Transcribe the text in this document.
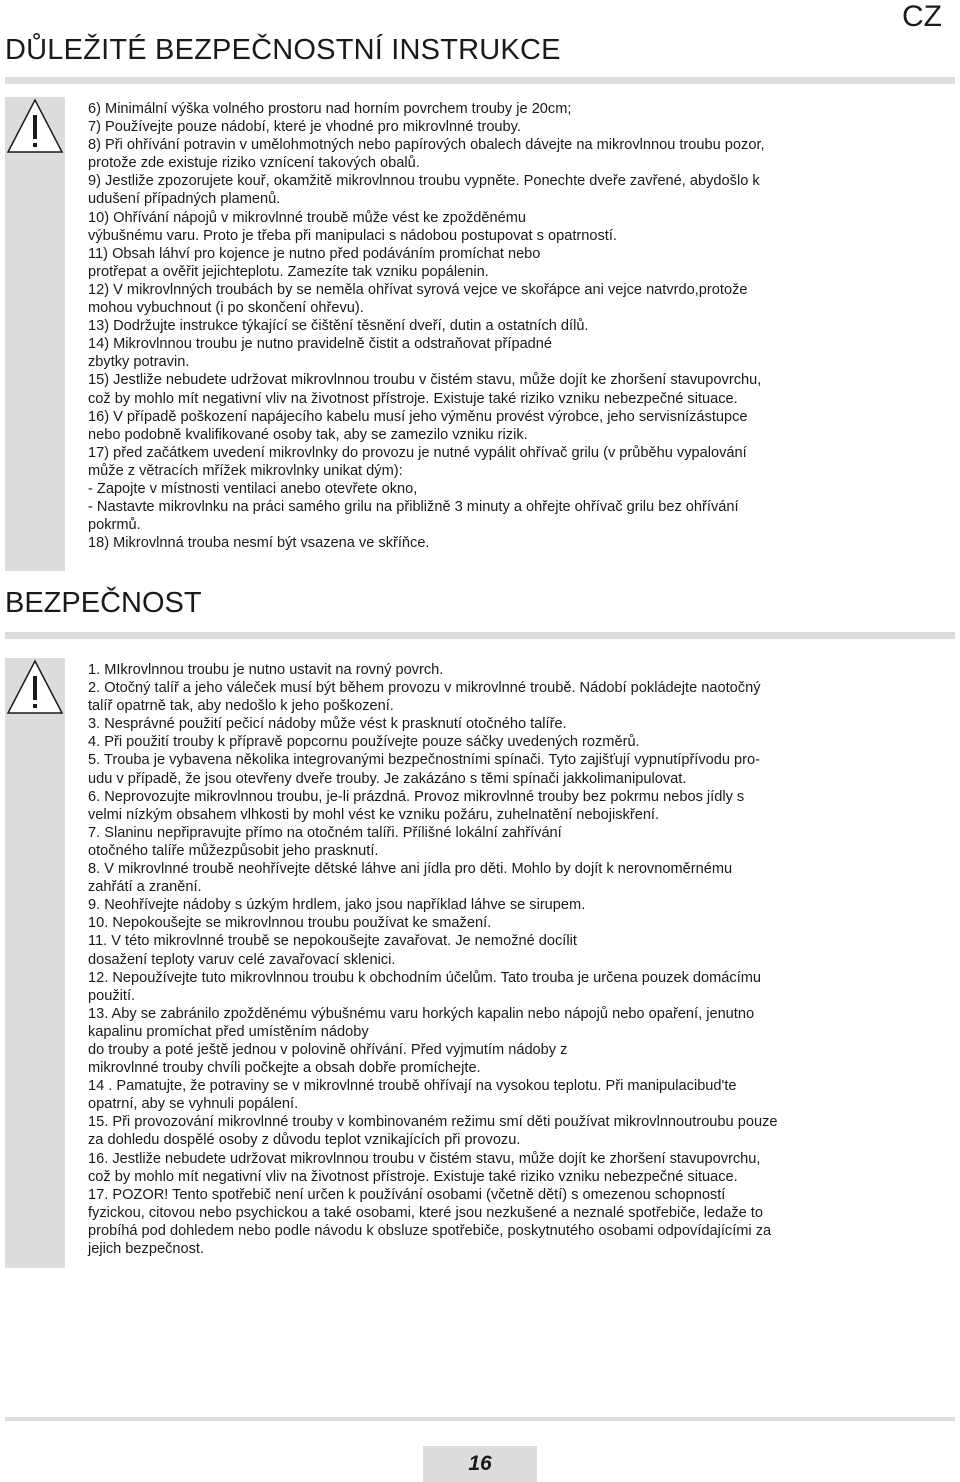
CZ
DŮLEŽITÉ BEZPEČNOSTNÍ INSTRUKCE
6) Minimální výška volného prostoru nad horním povrchem trouby je 20cm;
7) Používejte pouze nádobí, které je vhodné pro mikrovlnné trouby.
8) Při ohřívání potravin v umělohmotných nebo papírových obalech dávejte na mikrovlnnou troubu pozor,
protože zde existuje riziko vznícení takových obalů.
9) Jestliže zpozorujete kouř, okamžitě mikrovlnnou troubu vypněte. Ponechte dveře zavřené, abydošlo k
udušení případných plamenů.
10) Ohřívání nápojů v mikrovlnné troubě může vést ke zpožděnému
výbušnému varu. Proto je třeba při manipulaci s nádobou postupovat s opatrností.
11) Obsah láhví pro kojence je nutno před podáváním promíchat nebo
protřepat a ověřit jejichteplotu. Zamezíte tak vzniku popálenin.
12) V mikrovlnných troubách by se neměla ohřívat syrová vejce ve skořápce ani vejce natvrdo,protože
mohou vybuchnout (i po skončení ohřevu).
13) Dodržujte instrukce týkající se čištění těsnění dveří, dutin a ostatních dílů.
14) Mikrovlnnou troubu je nutno pravidelně čistit a odstraňovat případné
zbytky potravin.
15) Jestliže nebudete udržovat mikrovlnnou troubu v čistém stavu, může dojít ke zhoršení stavupovrchu,
což by mohlo mít negativní vliv na životnost přístroje. Existuje také riziko vzniku nebezpečné situace.
16) V případě poškození napájecího kabelu musí jeho výměnu provést výrobce, jeho servisnízástupce
nebo podobně kvalifikované osoby tak, aby se zamezilo vzniku rizik.
17) před začátkem uvedení mikrovlnky do provozu je nutné vypálit ohřívač grilu (v průběhu vypalování
může z větracích mřížek mikrovlnky unikat dým):
- Zapojte v místnosti ventilaci anebo otevřete okno,
- Nastavte mikrovlnku na práci samého grilu na přibližně 3 minuty a ohřejte ohřívač grilu bez ohřívání
pokrmů.
18) Mikrovlnná trouba nesmí být vsazena ve skříňce.
BEZPEČNOST
1. MIkrovlnnou troubu je nutno ustavit na rovný povrch.
2. Otočný talíř a jeho váleček musí být během provozu v mikrovlnné troubě. Nádobí pokládejte naotočný
talíř opatrně tak, aby nedošlo k jeho poškození.
3. Nesprávné použití pečicí nádoby může vést k prasknutí otočného talíře.
4. Při použití trouby k přípravě popcornu používejte pouze sáčky uvedených rozměrů.
5. Trouba je vybavena několika integrovanými bezpečnostními spínači. Tyto zajišťují vypnutípřívodu pro-
udu v případě, že jsou otevřeny dveře trouby. Je zakázáno s těmi spínači jakkolimanipulovat.
6. Neprovozujte mikrovlnnou troubu, je-li prázdná. Provoz mikrovlnné trouby bez pokrmu nebos jídly s
velmi nízkým obsahem vlhkosti by mohl vést ke vzniku požáru, zuhelnatění nebojiskření.
7. Slaninu nepřipravujte přímo na otočném talíři. Přílišné lokální zahřívání
otočného talíře můžezpůsobit jeho prasknutí.
8. V mikrovlnné troubě neohřívejte dětské láhve ani jídla pro děti. Mohlo by dojít k nerovnoměrnému
zahřátí a zranění.
9. Neohřívejte nádoby s úzkým hrdlem, jako jsou například láhve se sirupem.
10. Nepokoušejte se mikrovlnnou troubu používat ke smažení.
11. V této mikrovlnné troubě se nepokoušejte zavařovat. Je nemožné docílit
dosažení teploty varuv celé zavařovací sklenici.
12. Nepoužívejte tuto mikrovlnnou troubu k obchodním účelům. Tato trouba je určena pouzek domácímu
použití.
13. Aby se zabránilo zpožděnému výbušnému varu horkých kapalin nebo nápojů nebo opaření, jenutno
kapalinu promíchat před umístěním nádoby
do trouby a poté ještě jednou v polovině ohřívání. Před vyjmutím nádoby z
mikrovlnné trouby chvíli počkejte a obsah dobře promíchejte.
14 . Pamatujte, že potraviny se v mikrovlnné troubě ohřívají na vysokou teplotu. Při manipulacibud'te
opatrní, aby se vyhnuli popálení.
15. Při provozování mikrovlnné trouby v kombinovaném režimu smí děti používat mikrovlnnoutroubu pouze
za dohledu dospělé osoby z důvodu teplot vznikajících při provozu.
16. Jestliže nebudete udržovat mikrovlnnou troubu v čistém stavu, může dojít ke zhoršení stavupovrchu,
což by mohlo mít negativní vliv na životnost přístroje. Existuje také riziko vzniku nebezpečné situace.
17. POZOR! Tento spotřebič není určen k používání osobami (včetně dětí) s omezenou schopností
fyzickou, citovou nebo psychickou a také osobami, které jsou nezkušené a neznalé spotřebiče, ledaže to
probíhá pod dohledem nebo podle návodu k obsluze spotřebiče, poskytnutého osobami odpovídajícími za
jejich bezpečnost.
16
